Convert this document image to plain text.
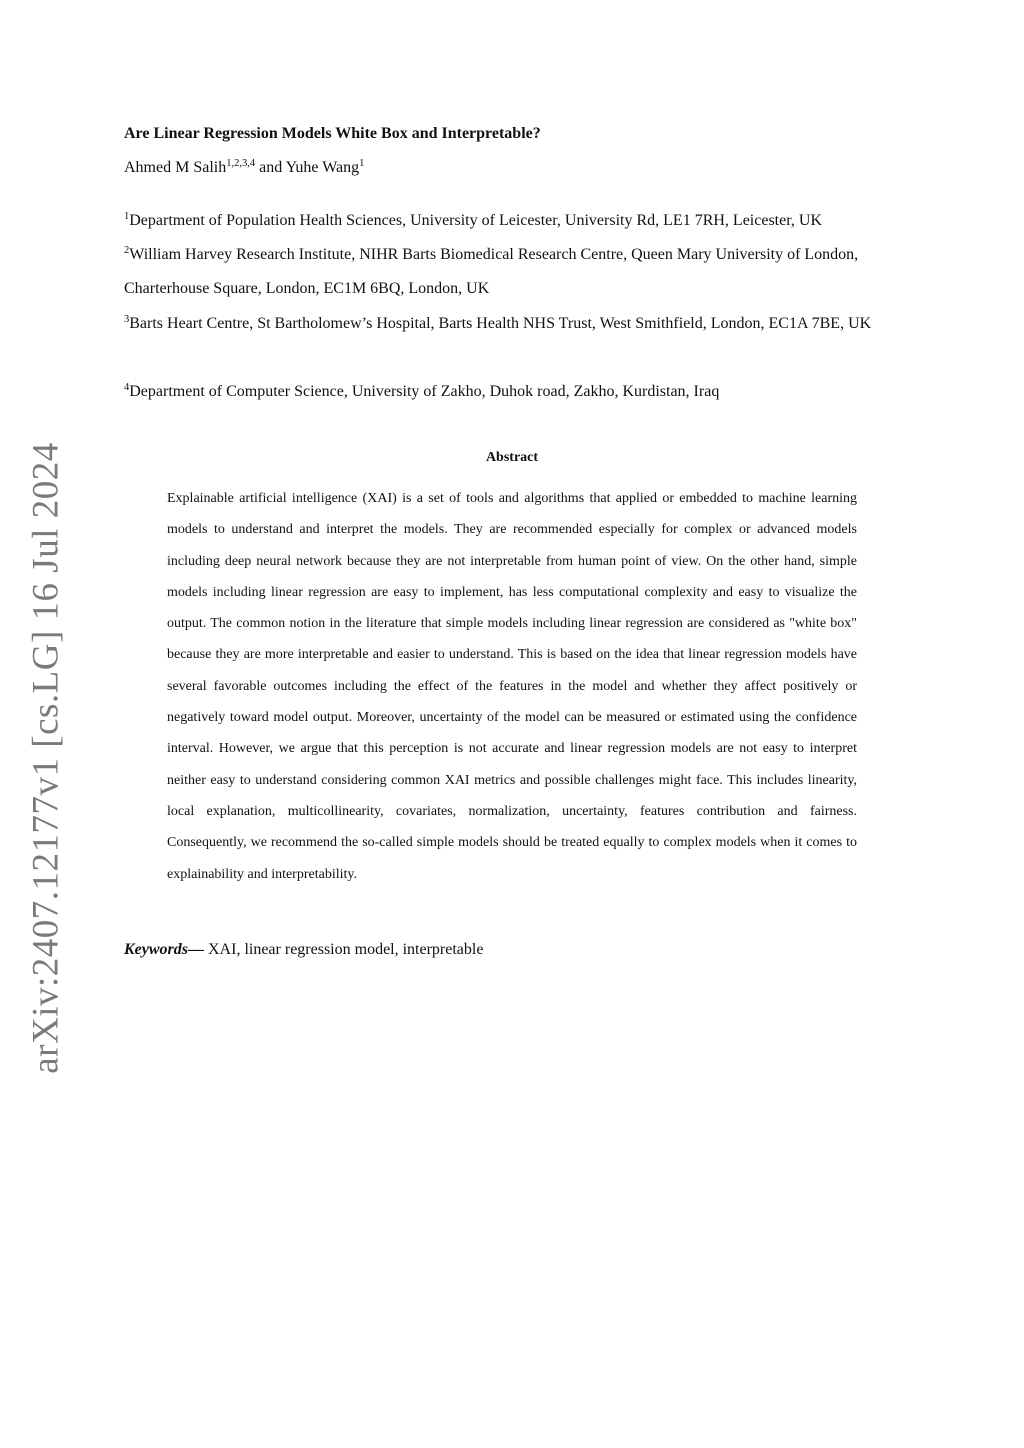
arXiv:2407.12177v1 [cs.LG] 16 Jul 2024
Are Linear Regression Models White Box and Interpretable?
Ahmed M Salih$^{1,2,3,4}$ and Yuhe Wang$^1$
$^1$Department of Population Health Sciences, University of Leicester, University Rd, LE1 7RH, Leicester, UK
$^2$William Harvey Research Institute, NIHR Barts Biomedical Research Centre, Queen Mary University of London, Charterhouse Square, London, EC1M 6BQ, London, UK
$^3$Barts Heart Centre, St Bartholomew’s Hospital, Barts Health NHS Trust, West Smithfield, London, EC1A 7BE, UK
$^4$Department of Computer Science, University of Zakho, Duhok road, Zakho, Kurdistan, Iraq
Abstract
Explainable artificial intelligence (XAI) is a set of tools and algorithms that applied or embedded to machine learning models to understand and interpret the models. They are recommended especially for complex or advanced models including deep neural network because they are not interpretable from human point of view. On the other hand, simple models including linear regression are easy to implement, has less computational complexity and easy to visualize the output. The common notion in the literature that simple models including linear regression are considered as "white box" because they are more interpretable and easier to understand. This is based on the idea that linear regression models have several favorable outcomes including the effect of the features in the model and whether they affect positively or negatively toward model output. Moreover, uncertainty of the model can be measured or estimated using the confidence interval. However, we argue that this perception is not accurate and linear regression models are not easy to interpret neither easy to understand considering common XAI metrics and possible challenges might face. This includes linearity, local explanation, multicollinearity, covariates, normalization, uncertainty, features contribution and fairness. Consequently, we recommend the so-called simple models should be treated equally to complex models when it comes to explainability and interpretability.
Keywords— XAI, linear regression model, interpretable
